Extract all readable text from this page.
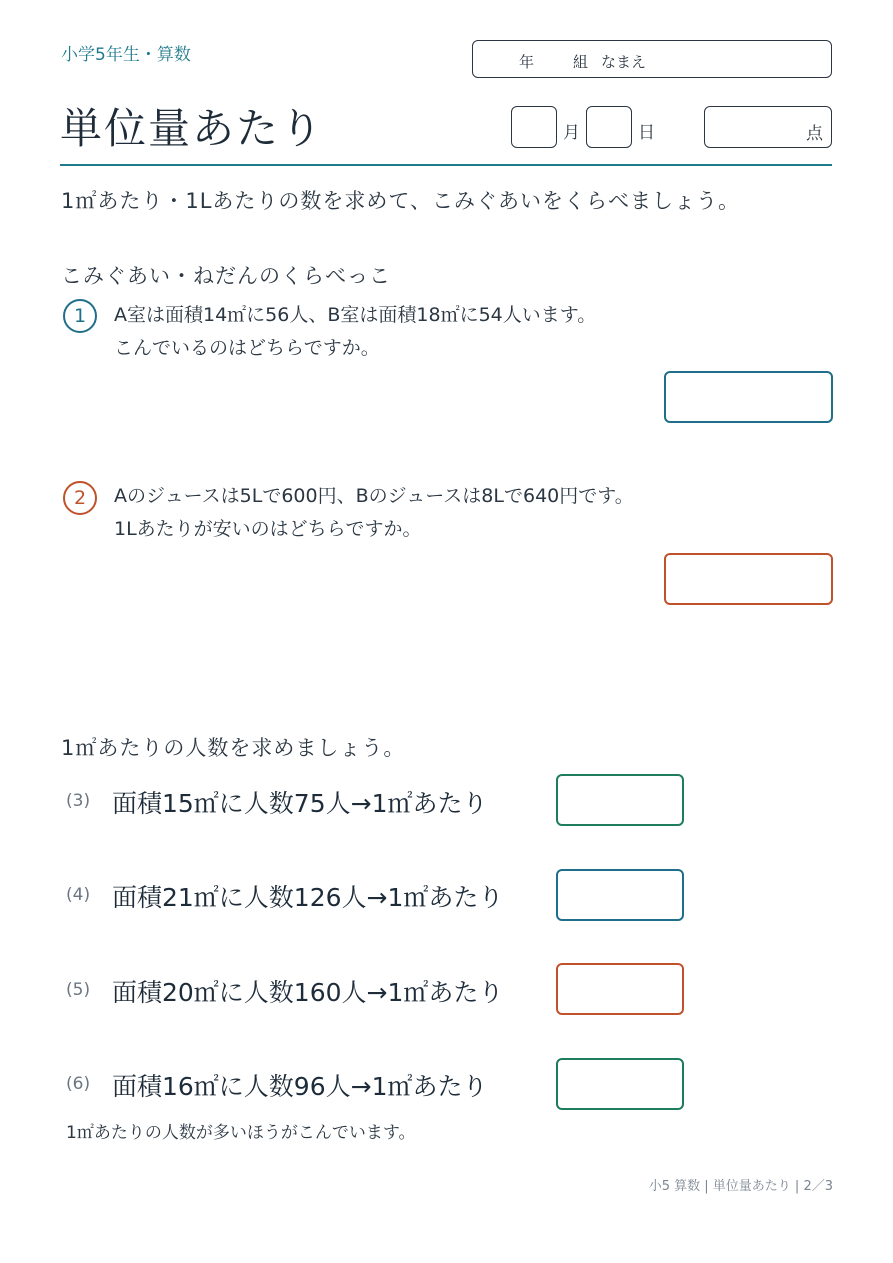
小学5年生・算数	年	組 なまえ
単位量あたり	月	日	点
1㎡あたり・1Lあたりの数を求めて、こみぐあいをくらべましょう。
こみぐあい・ねだんのくらべっこ
1	A室は面積14㎡に56人、B室は面積18㎡に54人います。
こんでいるのはどちらですか。
2	Aのジュースは5Lで600円、Bのジュースは8Lで640円です。
1Lあたりが安いのはどちらですか。
1㎡あたりの人数を求めましょう。
(3) 面積15㎡に人数75人→1㎡あたり
(4) 面積21㎡に人数126人→1㎡あたり
(5) 面積20㎡に人数160人→1㎡あたり
(6) 面積16㎡に人数96人→1㎡あたり
1㎡あたりの人数が多いほうがこんでいます。
小5 算数 | 単位量あたり | 2／3
